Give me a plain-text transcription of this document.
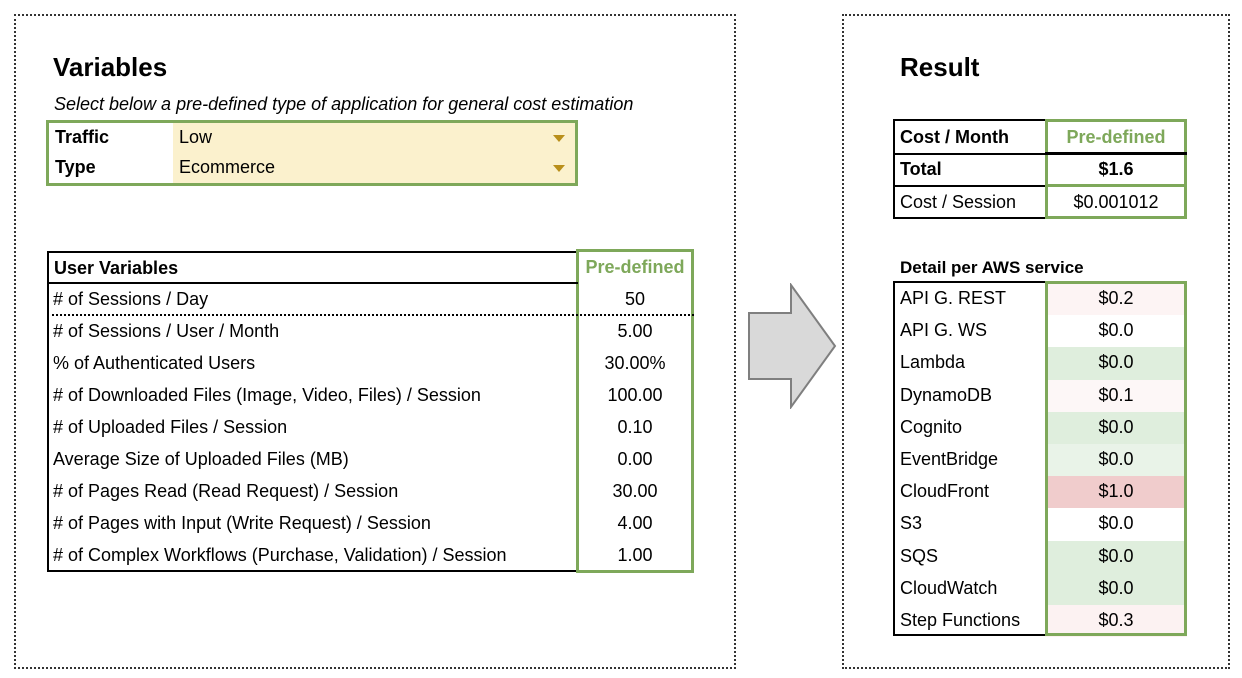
Variables
Select below a pre-defined type of application for general cost estimation
Traffic	Low
Type	Ecommerce
User Variables	Pre-defined
# of Sessions / Day	50
# of Sessions / User / Month	5.00
% of Authenticated Users	30.00%
# of Downloaded Files (Image, Video, Files) / Session	100.00
# of Uploaded Files / Session	0.10
Average Size of Uploaded Files (MB)	0.00
# of Pages Read (Read Request) / Session	30.00
# of Pages with Input (Write Request) / Session	4.00
# of Complex Workflows (Purchase, Validation) / Session	1.00
Result
Cost / Month	Pre-defined
Total	$1.6
Cost / Session	$0.001012
Detail per AWS service
API G. REST	$0.2
API G. WS	$0.0
Lambda	$0.0
DynamoDB	$0.1
Cognito	$0.0
EventBridge	$0.0
CloudFront	$1.0
S3	$0.0
SQS	$0.0
CloudWatch	$0.0
Step Functions	$0.3
